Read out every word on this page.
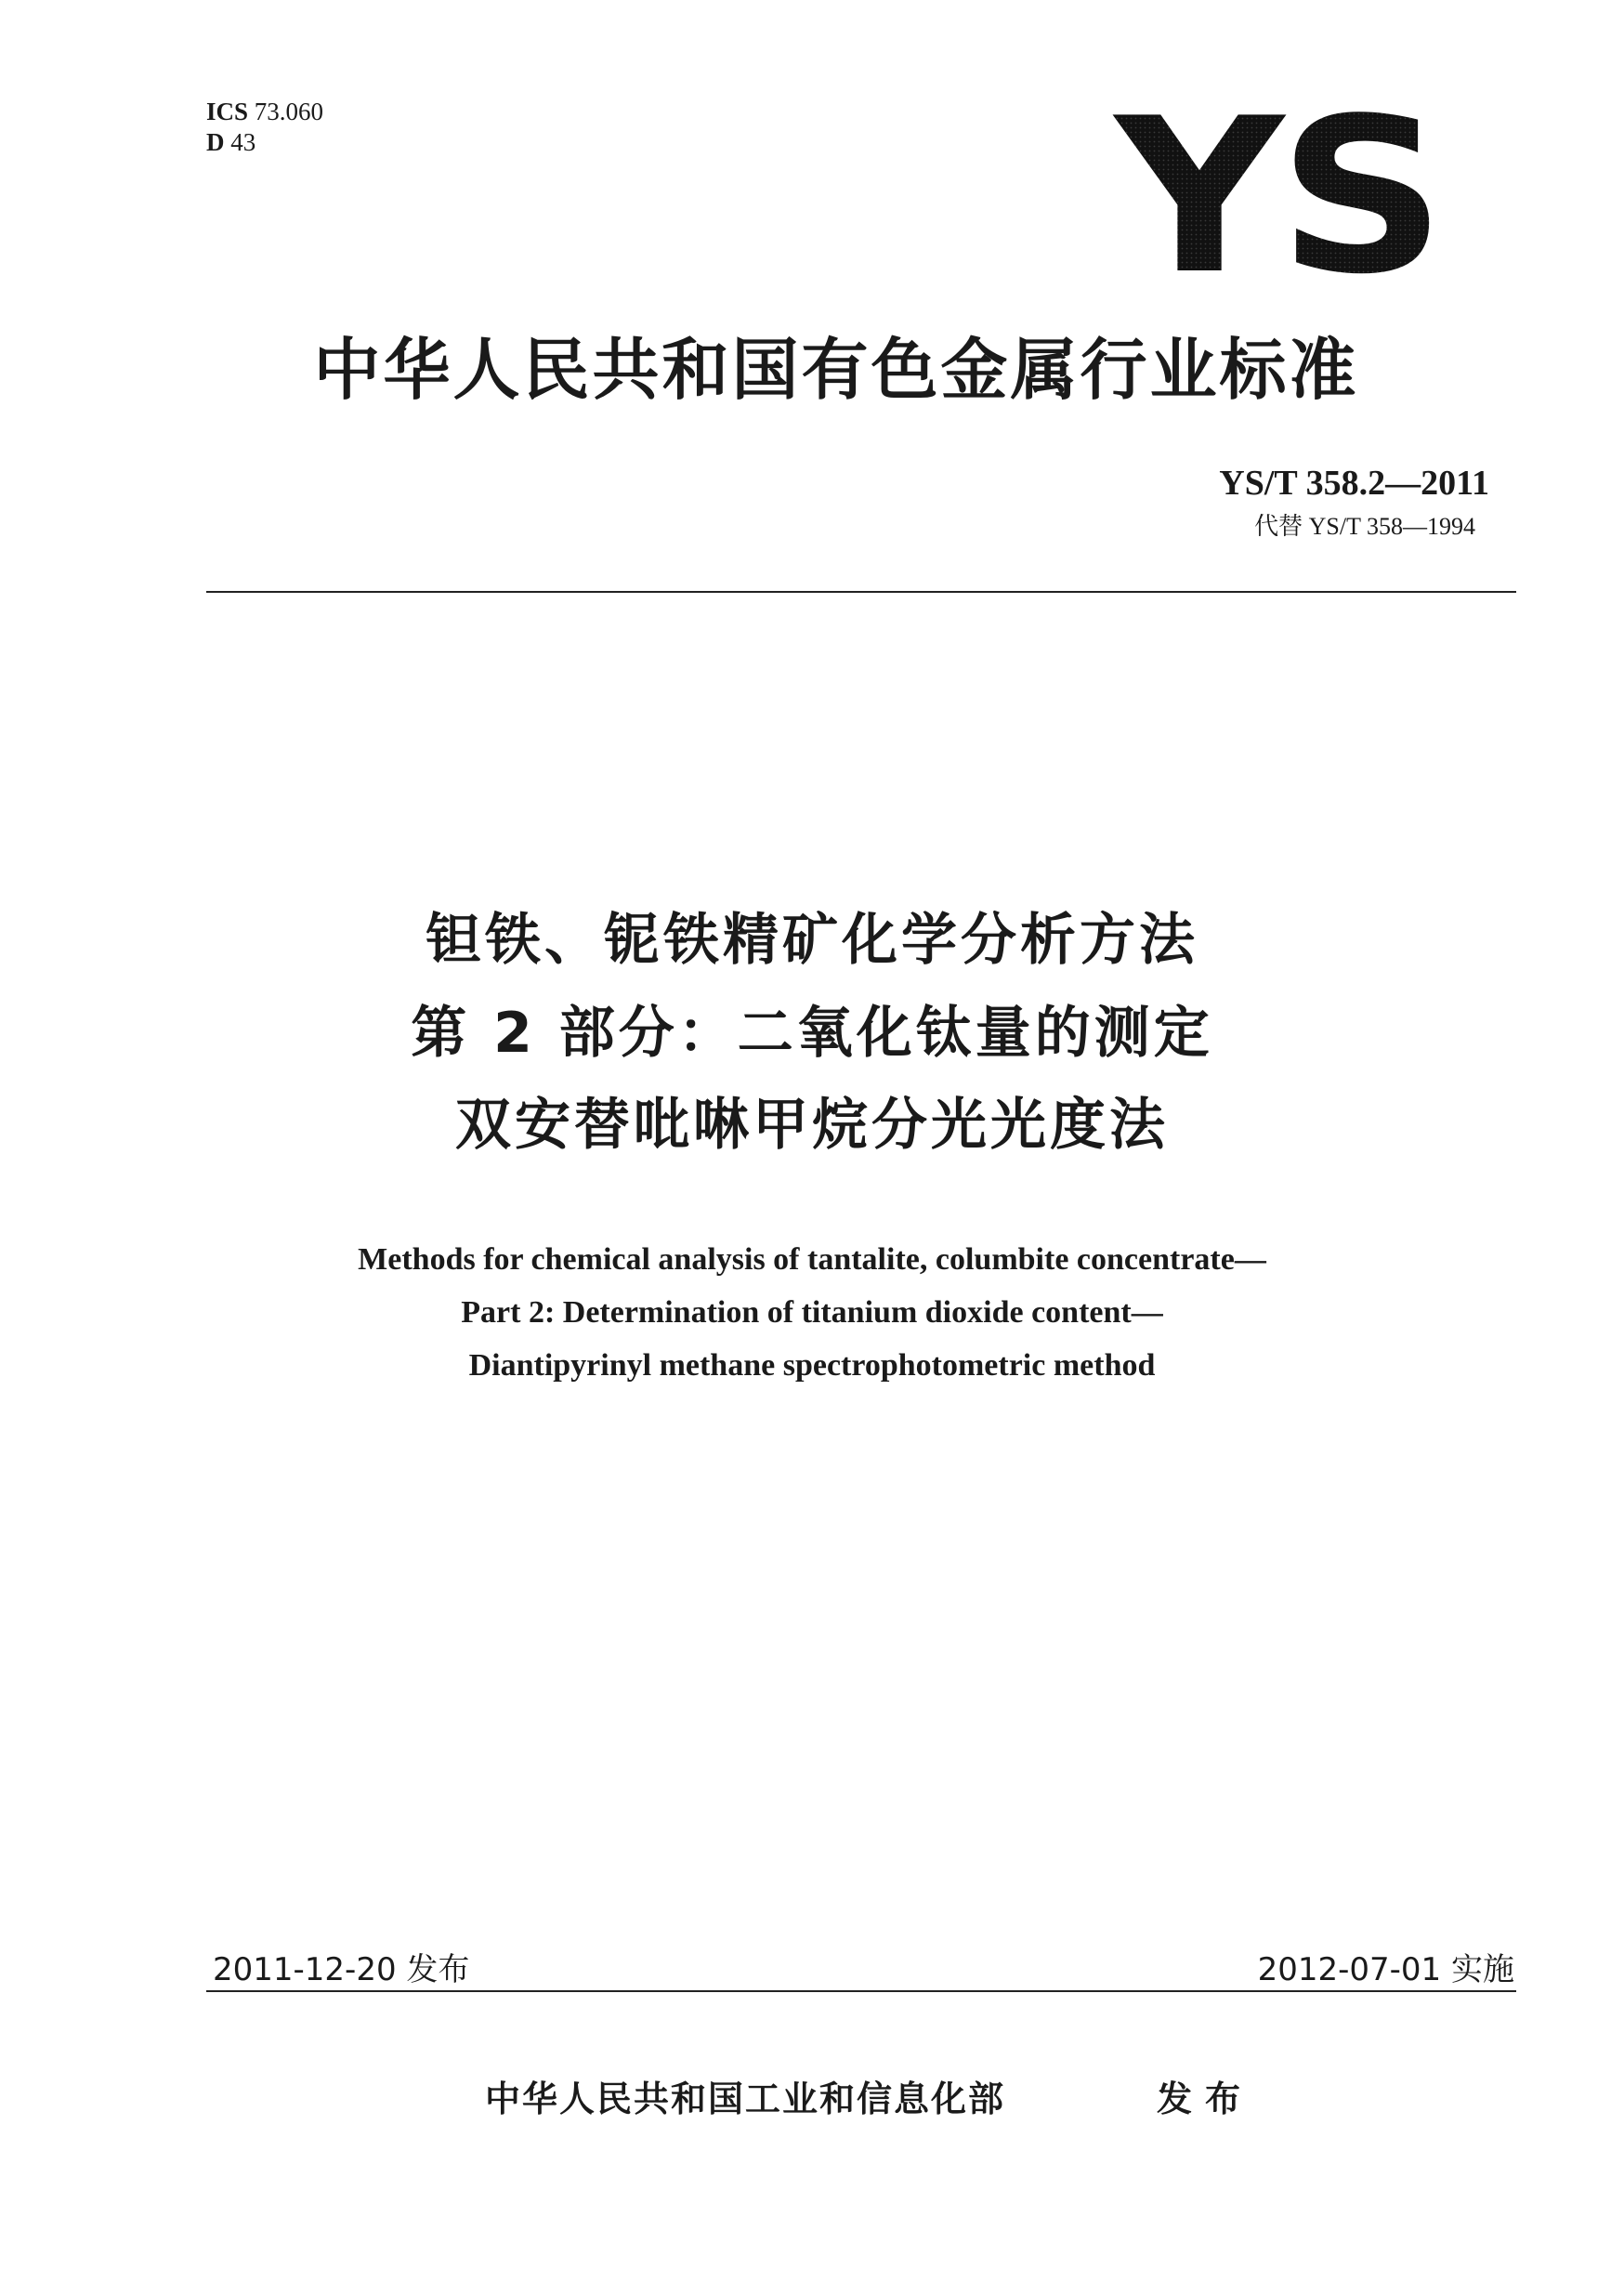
ICS 73.060
D 43	YS
中华人民共和国有色金属行业标准
YS/T 358.2—2011
代替 YS/T 358—1994
钽铁、铌铁精矿化学分析方法
第 2 部分：二氧化钛量的测定
双安替吡啉甲烷分光光度法
Methods for chemical analysis of tantalite, columbite concentrate—
Part 2: Determination of titanium dioxide content—
Diantipyrinyl methane spectrophotometric method
2011-12-20 发布	2012-07-01 实施
中华人民共和国工业和信息化部	发布
